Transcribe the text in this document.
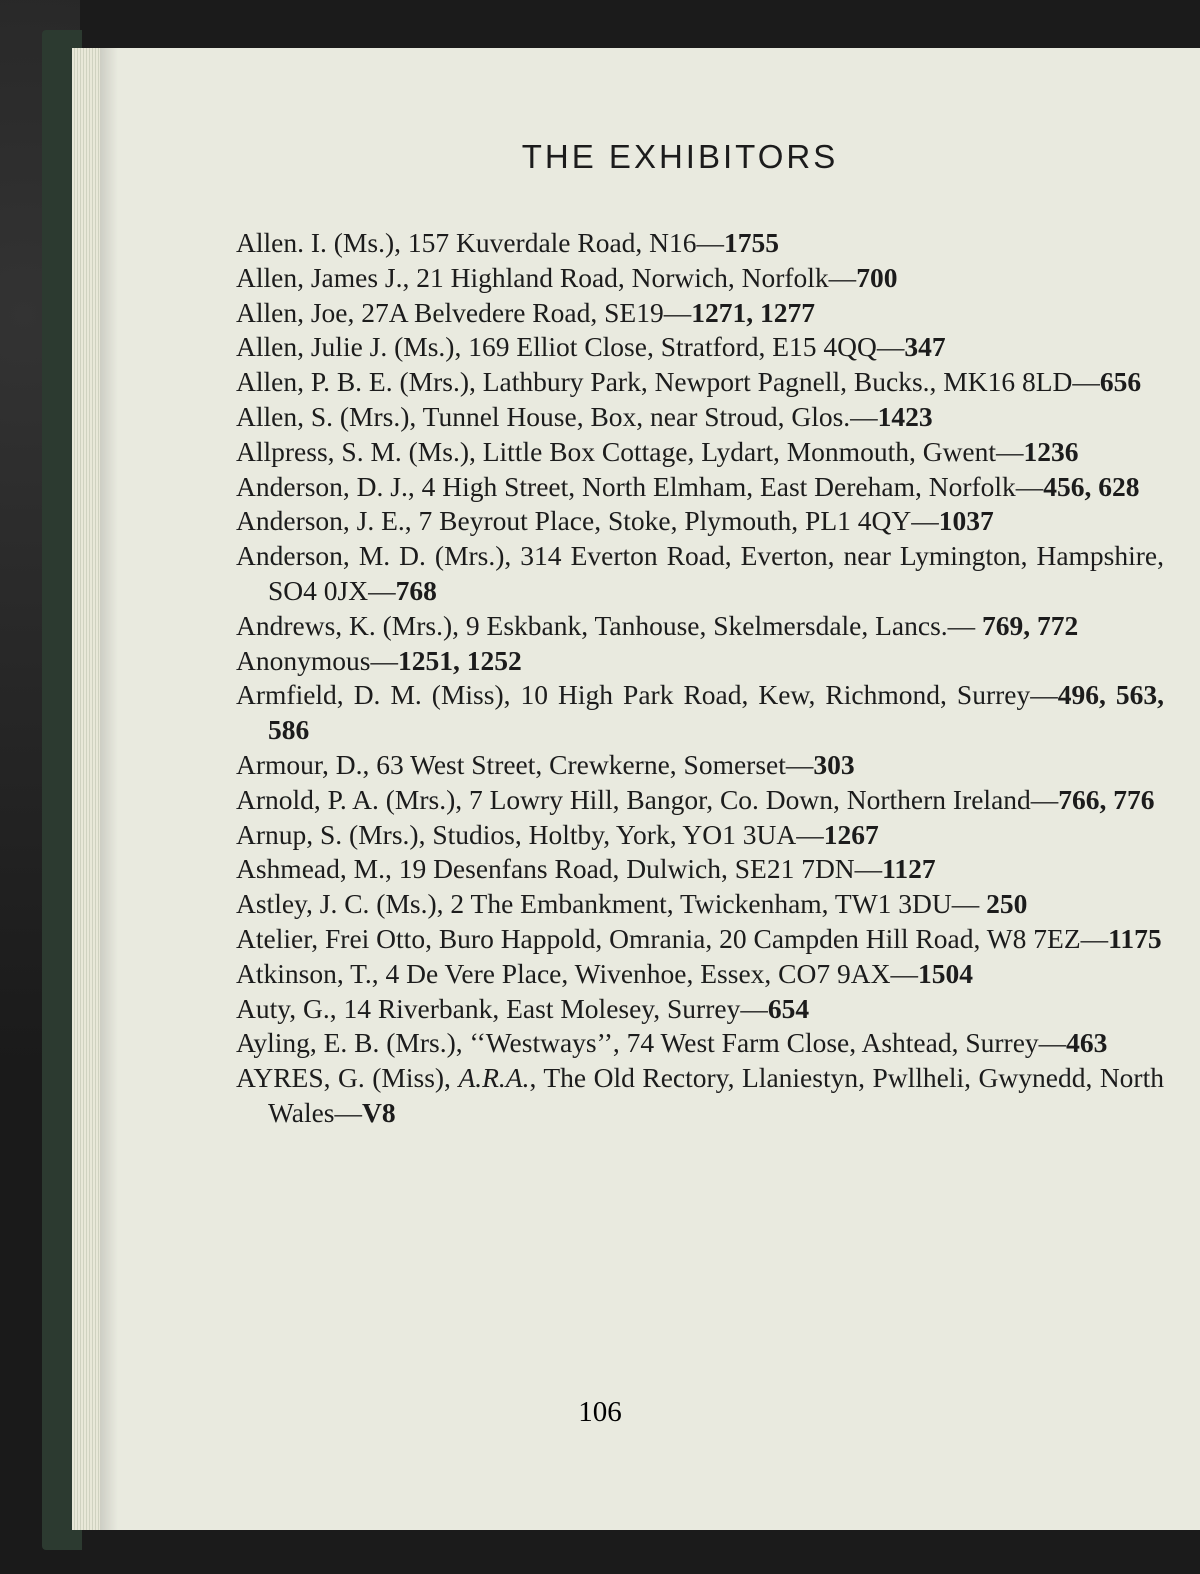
THE EXHIBITORS
Allen. I. (Ms.), 157 Kuverdale Road, N16—1755
Allen, James J., 21 Highland Road, Norwich, Norfolk—700
Allen, Joe, 27A Belvedere Road, SE19—1271, 1277
Allen, Julie J. (Ms.), 169 Elliot Close, Stratford, E15 4QQ—347
Allen, P. B. E. (Mrs.), Lathbury Park, Newport Pagnell, Bucks., MK16 8LD—656
Allen, S. (Mrs.), Tunnel House, Box, near Stroud, Glos.—1423
Allpress, S. M. (Ms.), Little Box Cottage, Lydart, Monmouth, Gwent—1236
Anderson, D. J., 4 High Street, North Elmham, East Dereham, Norfolk—456, 628
Anderson, J. E., 7 Beyrout Place, Stoke, Plymouth, PL1 4QY—1037
Anderson, M. D. (Mrs.), 314 Everton Road, Everton, near Lymington, Hampshire, SO4 0JX—768
Andrews, K. (Mrs.), 9 Eskbank, Tanhouse, Skelmersdale, Lancs.— 769, 772
Anonymous—1251, 1252
Armfield, D. M. (Miss), 10 High Park Road, Kew, Richmond, Surrey—496, 563, 586
Armour, D., 63 West Street, Crewkerne, Somerset—303
Arnold, P. A. (Mrs.), 7 Lowry Hill, Bangor, Co. Down, Northern Ireland—766, 776
Arnup, S. (Mrs.), Studios, Holtby, York, YO1 3UA—1267
Ashmead, M., 19 Desenfans Road, Dulwich, SE21 7DN—1127
Astley, J. C. (Ms.), 2 The Embankment, Twickenham, TW1 3DU— 250
Atelier, Frei Otto, Buro Happold, Omrania, 20 Campden Hill Road, W8 7EZ—1175
Atkinson, T., 4 De Vere Place, Wivenhoe, Essex, CO7 9AX—1504
Auty, G., 14 Riverbank, East Molesey, Surrey—654
Ayling, E. B. (Mrs.), ‘‘Westways’’, 74 West Farm Close, Ashtead, Surrey—463
AYRES, G. (Miss), A.R.A., The Old Rectory, Llaniestyn, Pwllheli, Gwynedd, North Wales—V8
106
